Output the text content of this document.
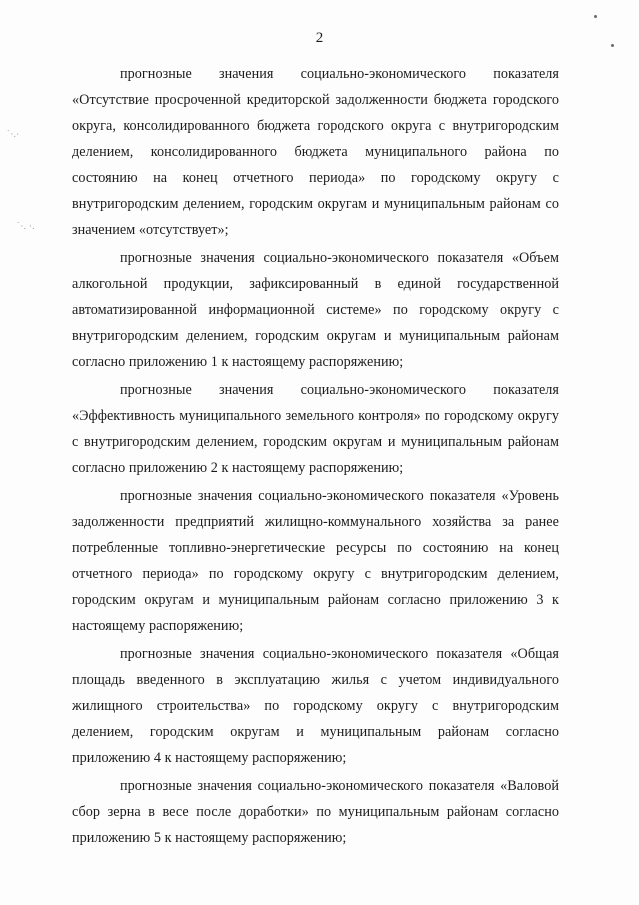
˙·.·
˙·. ·.
2

прогнозные значения социально-экономического показателя «Отсутствие просроченной кредиторской задолженности бюджета городского округа, консолидированного бюджета городского округа с внутригородским делением, консолидированного бюджета муниципального района по состоянию на конец отчетного периода» по городскому округу с внутригородским делением, городским округам и муниципальным районам со значением «отсутствует»;

прогнозные значения социально-экономического показателя «Объем алкогольной продукции, зафиксированный в единой государственной автоматизированной информационной системе» по городскому округу с внутригородским делением, городским округам и муниципальным районам согласно приложению 1 к настоящему распоряжению;

прогнозные значения социально-экономического показателя «Эффективность муниципального земельного контроля» по городскому округу с внутригородским делением, городским округам и муниципальным районам согласно приложению 2 к настоящему распоряжению;

прогнозные значения социально-экономического показателя «Уровень задолженности предприятий жилищно-коммунального хозяйства за ранее потребленные топливно-энергетические ресурсы по состоянию на конец отчетного периода» по городскому округу с внутригородским делением, городским округам и муниципальным районам согласно приложению 3 к настоящему распоряжению;

прогнозные значения социально-экономического показателя «Общая площадь введенного в эксплуатацию жилья с учетом индивидуального жилищного строительства» по городскому округу с внутригородским делением, городским округам и муниципальным районам согласно приложению 4 к настоящему распоряжению;

прогнозные значения социально-экономического показателя «Валовой сбор зерна в весе после доработки» по муниципальным районам согласно приложению 5 к настоящему распоряжению;
